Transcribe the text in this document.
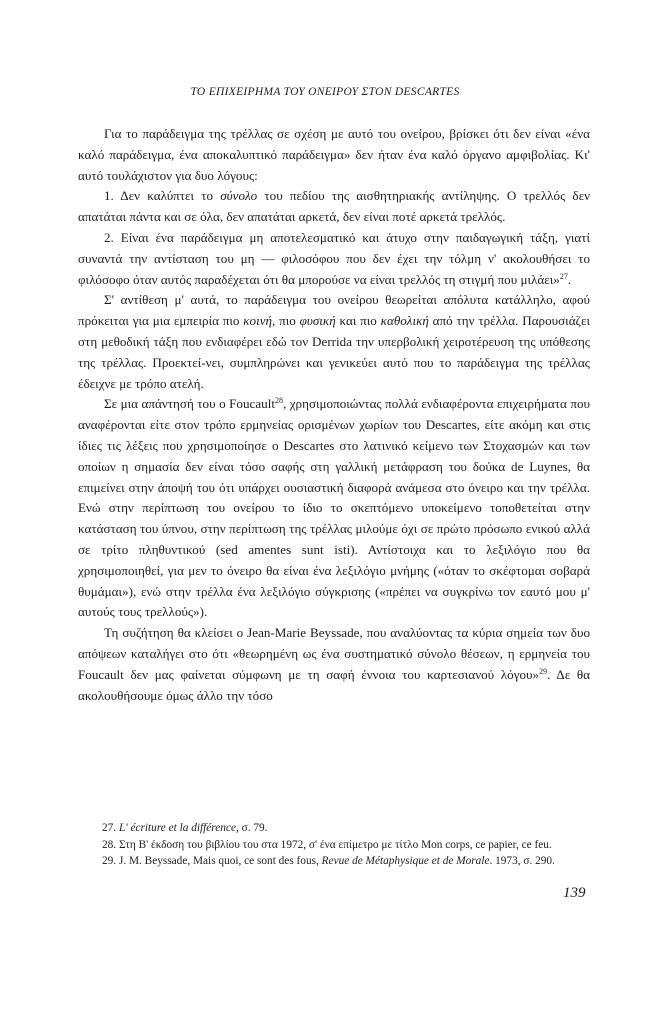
ΤΟ ΕΠΙΧΕΙΡΗΜΑ ΤΟΥ ΟΝΕΙΡΟΥ ΣΤΟΝ DESCARTES

Για το παράδειγμα της τρέλλας σε σχέση με αυτό του ονείρου, βρίσκει ότι δεν είναι «ένα καλό παράδειγμα, ένα αποκαλυπτικό παράδειγμα» δεν ήταν ένα καλό όργανο αμφιβολίας. Κι' αυτό τουλάχιστον για δυο λόγους:

1. Δεν καλύπτει το σύνολο του πεδίου της αισθητηριακής αντίληψης. Ο τρελλός δεν απατάται πάντα και σε όλα, δεν απατάται αρκετά, δεν είναι ποτέ αρκετά τρελλός.

2. Είναι ένα παράδειγμα μη αποτελεσματικό και άτυχο στην παιδαγωγική τάξη, γιατί συναντά την αντίσταση του μη — φιλοσόφου που δεν έχει την τόλμη ν' ακολουθήσει το φιλόσοφο όταν αυτός παραδέχεται ότι θα μπορούσε να είναι τρελλός τη στιγμή που μιλάει»$^{27}$.

Σ' αντίθεση μ' αυτά, το παράδειγμα του ονείρου θεωρείται απόλυτα κατάλληλο, αφού πρόκειται για μια εμπειρία πιο κοινή, πιο φυσική και πιο καθολική από την τρέλλα. Παρουσιάζει στη μεθοδική τάξη που ενδιαφέρει εδώ τον Derrida την υπερβολική χειροτέρευση της υπόθεσης της τρέλλας. Προεκτεί-νει, συμπληρώνει και γενικεύει αυτό που το παράδειγμα της τρέλλας έδειχνε με τρόπο ατελή.

Σε μια απάντησή του ο Foucault$^{28}$, χρησιμοποιώντας πολλά ενδιαφέροντα επιχειρήματα που αναφέρονται είτε στον τρόπο ερμηνείας ορισμένων χωρίων του Descartes, είτε ακόμη και στις ίδιες τις λέξεις που χρησιμοποίησε ο Descartes στο λατινικό κείμενο των Στοχασμών και των οποίων η σημασία δεν είναι τόσο σαφής στη γαλλική μετάφραση του δούκα de Luynes, θα επιμείνει στην άποψή του ότι υπάρχει ουσιαστική διαφορά ανάμεσα στο όνειρο και την τρέλλα. Ενώ στην περίπτωση του ονείρου το ίδιο το σκεπτόμενο υποκείμενο τοποθετείται στην κατάσταση του ύπνου, στην περίπτωση της τρέλλας μιλούμε όχι σε πρώτο πρόσωπο ενικού αλλά σε τρίτο πληθυντικού (sed amentes sunt isti). Αντίστοιχα και το λεξιλόγιο που θα χρησιμοποιηθεί, για μεν το όνειρο θα είναι ένα λεξιλόγιο μνήμης («όταν το σκέφτομαι σοβαρά θυμάμαι»), ενώ στην τρέλλα ένα λεξιλόγιο σύγκρισης («πρέπει να συγκρίνω τον εαυτό μου μ' αυτούς τους τρελλούς»).

Τη συζήτηση θα κλείσει ο Jean-Marie Beyssade, που αναλύοντας τα κύρια σημεία των δυο απόψεων καταλήγει στο ότι «θεωρημένη ως ένα συστηματικό σύνολο θέσεων, η ερμηνεία του Foucault δεν μας φαίνεται σύμφωνη με τη σαφή έννοια του καρτεσιανού λόγου»$^{29}$. Δε θα ακολουθήσουμε όμως άλλο την τόσο

27. L' écriture et la différence, σ. 79.

28. Στη Β' έκδοση του βιβλίου του στα 1972, σ' ένα επίμετρο με τίτλο Mon corps, ce papier, ce feu.

29. J. M. Beyssade, Mais quoi, ce sont des fous, Revue de Métaphysique et de Morale. 1973, σ. 290.

139
